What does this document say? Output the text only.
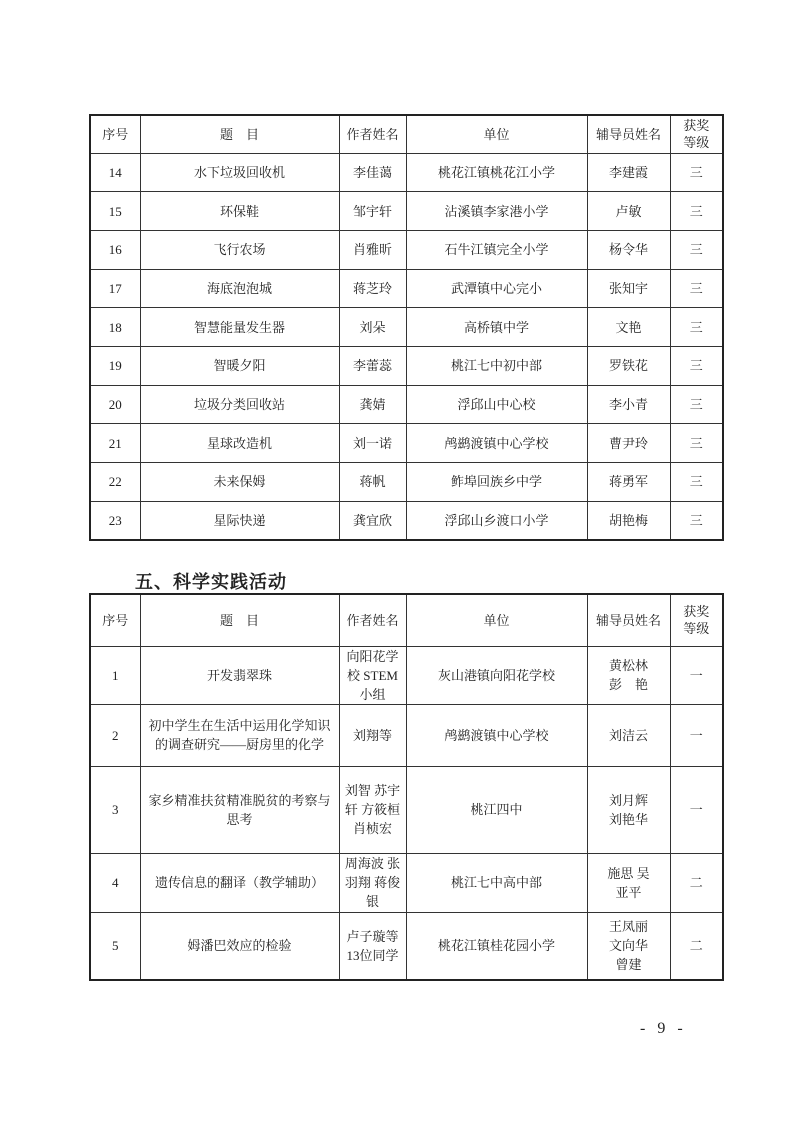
序号	题　目	作者姓名	单位	辅导员姓名	获奖等级
14	水下垃圾回收机	李佳蔼	桃花江镇桃花江小学	李建霞	三
15	环保鞋	邹宇轩	沾溪镇李家港小学	卢敏	三
16	飞行农场	肖雅昕	石牛江镇完全小学	杨令华	三
17	海底泡泡城	蒋芝玲	武潭镇中心完小	张知宇	三
18	智慧能量发生器	刘朵	高桥镇中学	文艳	三
19	智暖夕阳	李蕾蕊	桃江七中初中部	罗铁花	三
20	垃圾分类回收站	龚婧	浮邱山中心校	李小青	三
21	星球改造机	刘一诺	鸬鹚渡镇中心学校	曹尹玲	三
22	未来保姆	蒋帆	鲊埠回族乡中学	蒋勇军	三
23	星际快递	龚宜欣	浮邱山乡渡口小学	胡艳梅	三
五、科学实践活动
序号	题　目	作者姓名	单位	辅导员姓名	获奖等级
1	开发翡翠珠	向阳花学校 STEM 小组	灰山港镇向阳花学校	黄松林 彭　艳	一
2	初中学生在生活中运用化学知识的调查研究——厨房里的化学	刘翔等	鸬鹚渡镇中心学校	刘洁云	一
3	家乡精准扶贫精准脱贫的考察与思考	刘智 苏宇轩 方筱桓 肖桢宏	桃江四中	刘月辉 刘艳华	一
4	遗传信息的翻译（教学辅助）	周海波 张羽翔 蒋俊银	桃江七中高中部	施思 吴亚平	二
5	姆潘巴效应的检验	卢子璇等13位同学	桃花江镇桂花园小学	王凤丽 文向华 曾建	二
- 9 -
